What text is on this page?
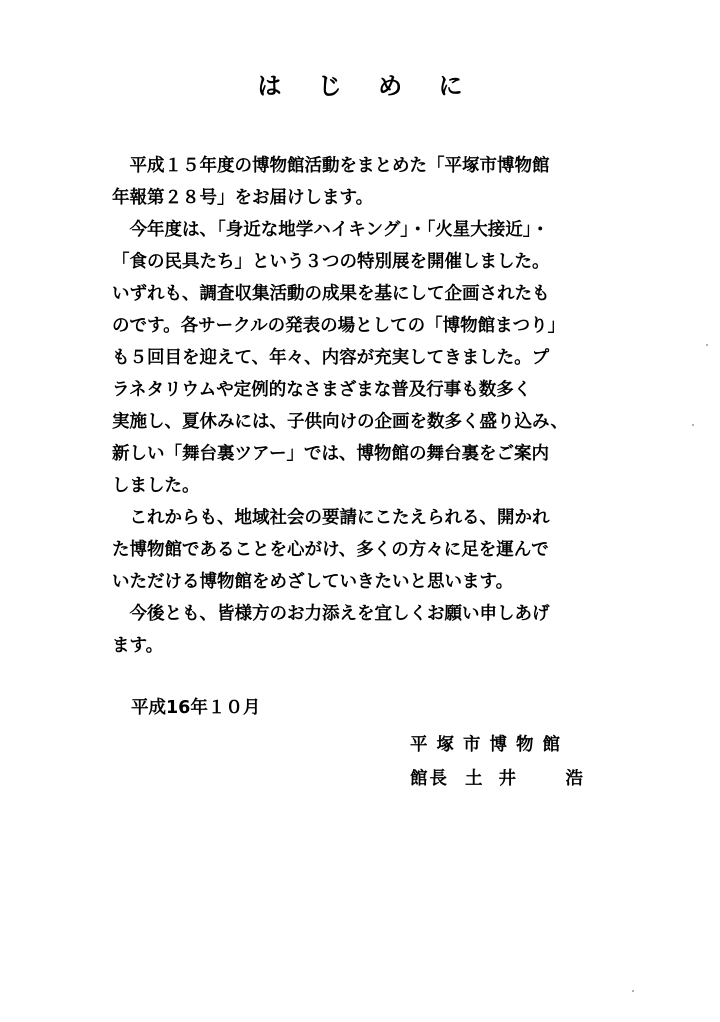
は じ め に
　平成１５年度の博物館活動をまとめた「平塚市博物館
年報第２８号」をお届けします。
　今年度は、「身近な地学ハイキング」・「火星大接近」・
「食の民具たち」という３つの特別展を開催しました。
いずれも、調査収集活動の成果を基にして企画されたも
のです。各サークルの発表の場としての「博物館まつり」
も５回目を迎えて、年々、内容が充実してきました。プ
ラネタリウムや定例的なさまざまな普及行事も数多く
実施し、夏休みには、子供向けの企画を数多く盛り込み、
新しい「舞台裏ツアー」では、博物館の舞台裏をご案内
しました。
　これからも、地域社会の要請にこたえられる、開かれ
た博物館であることを心がけ、多くの方々に足を運んで
いただける博物館をめざしていきたいと思います。
　今後とも、皆様方のお力添えを宜しくお願い申しあげ
ます。
平成16年１０月
平塚市博物館
館長 土井　浩
